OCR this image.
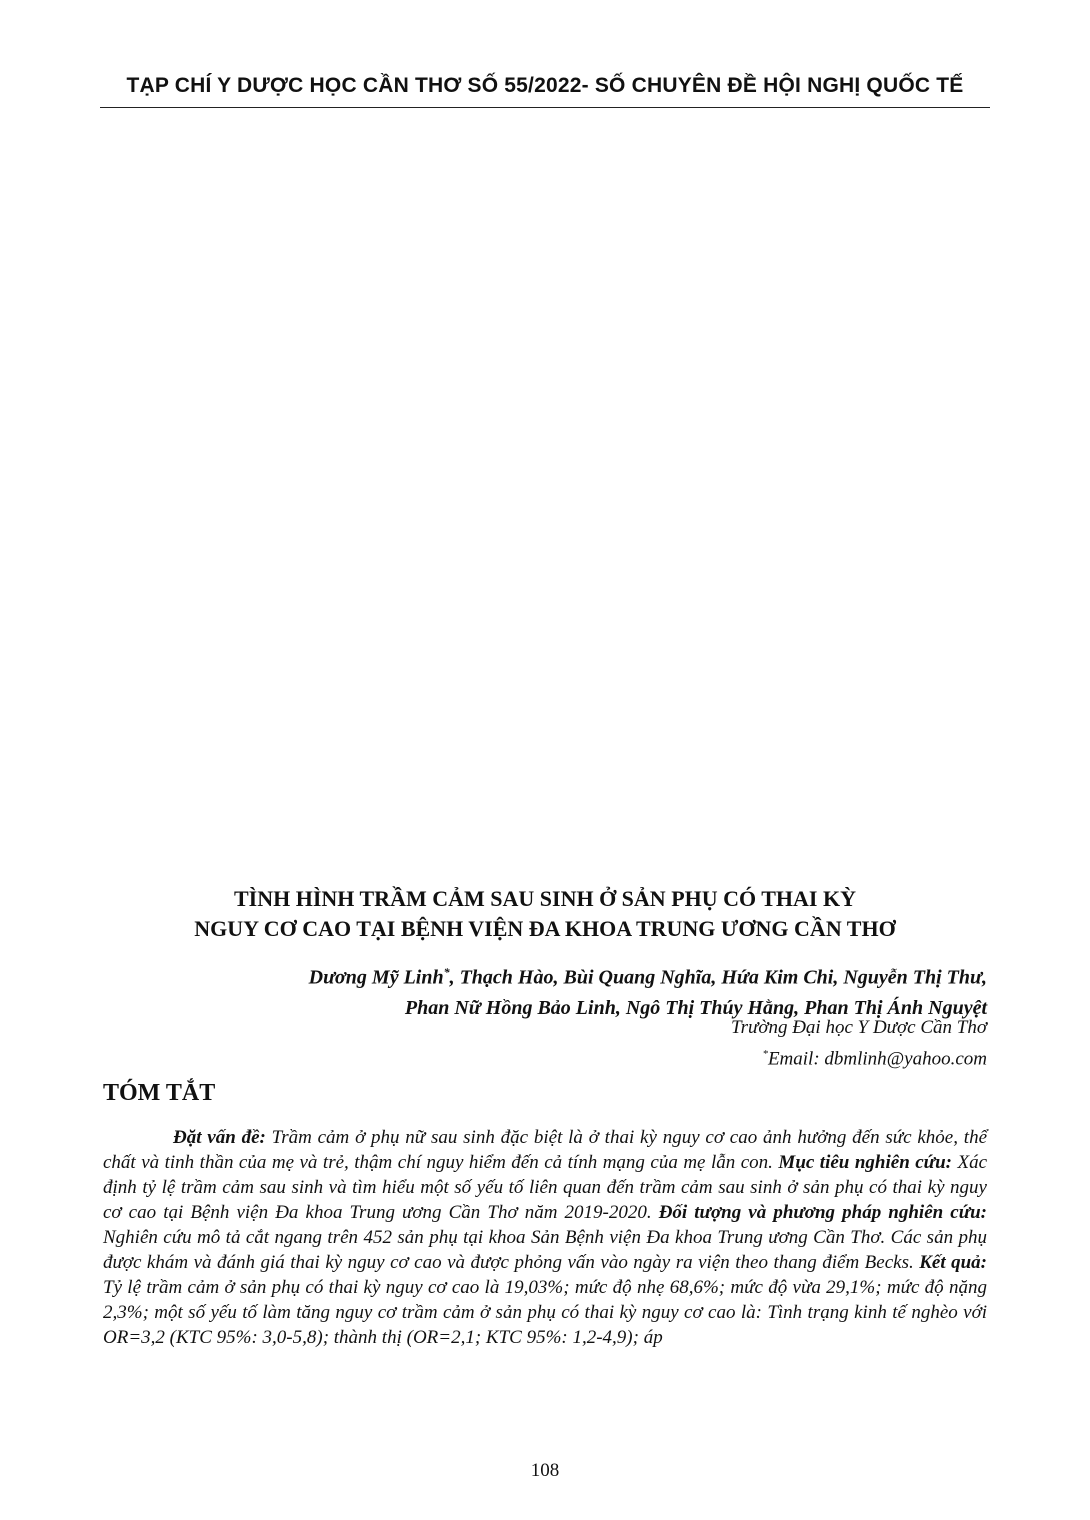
TẠP CHÍ Y DƯỢC HỌC CẦN THƠ SỐ 55/2022- SỐ CHUYÊN ĐỀ HỘI NGHỊ QUỐC TẾ
TÌNH HÌNH TRẦM CẢM SAU SINH Ở SẢN PHỤ CÓ THAI KỲ
NGUY CƠ CAO TẠI BỆNH VIỆN ĐA KHOA TRUNG ƯƠNG CẦN THƠ
Dương Mỹ Linh*, Thạch Hào, Bùi Quang Nghĩa, Hứa Kim Chi, Nguyễn Thị Thư,
Phan Nữ Hồng Bảo Linh, Ngô Thị Thúy Hằng, Phan Thị Ánh Nguyệt
Trường Đại học Y Dược Cần Thơ
*Email: dbmlinh@yahoo.com
TÓM TẮT
Đặt vấn đề: Trầm cảm ở phụ nữ sau sinh đặc biệt là ở thai kỳ nguy cơ cao ảnh hưởng đến sức khỏe, thể chất và tinh thần của mẹ và trẻ, thậm chí nguy hiểm đến cả tính mạng của mẹ lẫn con. Mục tiêu nghiên cứu: Xác định tỷ lệ trầm cảm sau sinh và tìm hiểu một số yếu tố liên quan đến trầm cảm sau sinh ở sản phụ có thai kỳ nguy cơ cao tại Bệnh viện Đa khoa Trung ương Cần Thơ năm 2019-2020. Đối tượng và phương pháp nghiên cứu: Nghiên cứu mô tả cắt ngang trên 452 sản phụ tại khoa Sản Bệnh viện Đa khoa Trung ương Cần Thơ. Các sản phụ được khám và đánh giá thai kỳ nguy cơ cao và được phỏng vấn vào ngày ra viện theo thang điểm Becks. Kết quả: Tỷ lệ trầm cảm ở sản phụ có thai kỳ nguy cơ cao là 19,03%; mức độ nhẹ 68,6%; mức độ vừa 29,1%; mức độ nặng 2,3%; một số yếu tố làm tăng nguy cơ trầm cảm ở sản phụ có thai kỳ nguy cơ cao là: Tình trạng kinh tế nghèo với OR=3,2 (KTC 95%: 3,0-5,8); thành thị (OR=2,1; KTC 95%: 1,2-4,9); áp
108
